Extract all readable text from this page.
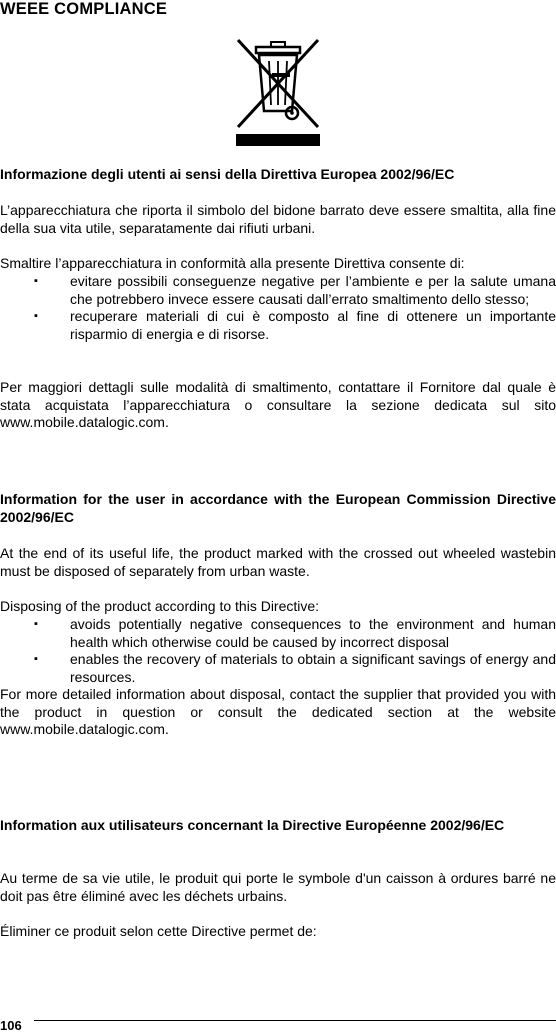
WEEE COMPLIANCE
Informazione degli utenti ai sensi della Direttiva Europea 2002/96/EC
L’apparecchiatura che riporta il simbolo del bidone barrato deve essere smaltita, alla fine della sua vita utile, separatamente dai rifiuti urbani.
Smaltire l’apparecchiatura in conformità alla presente Direttiva consente di:
▪ evitare possibili conseguenze negative per l’ambiente e per la salute umana che potrebbero invece essere causati dall’errato smaltimento dello stesso;
▪ recuperare materiali di cui è composto al fine di ottenere un importante risparmio di energia e di risorse.
Per maggiori dettagli sulle modalità di smaltimento, contattare il Fornitore dal quale è stata acquistata l’apparecchiatura o consultare la sezione dedicata sul sito www.mobile.datalogic.com.
Information for the user in accordance with the European Commission Directive 2002/96/EC
At the end of its useful life, the product marked with the crossed out wheeled wastebin must be disposed of separately from urban waste.
Disposing of the product according to this Directive:
▪ avoids potentially negative consequences to the environment and human health which otherwise could be caused by incorrect disposal
▪ enables the recovery of materials to obtain a significant savings of energy and resources.
For more detailed information about disposal, contact the supplier that provided you with the product in question or consult the dedicated section at the website www.mobile.datalogic.com.
Information aux utilisateurs concernant la Directive Européenne 2002/96/EC
Au terme de sa vie utile, le produit qui porte le symbole d'un caisson à ordures barré ne doit pas être éliminé avec les déchets urbains.
Éliminer ce produit selon cette Directive permet de:
106
